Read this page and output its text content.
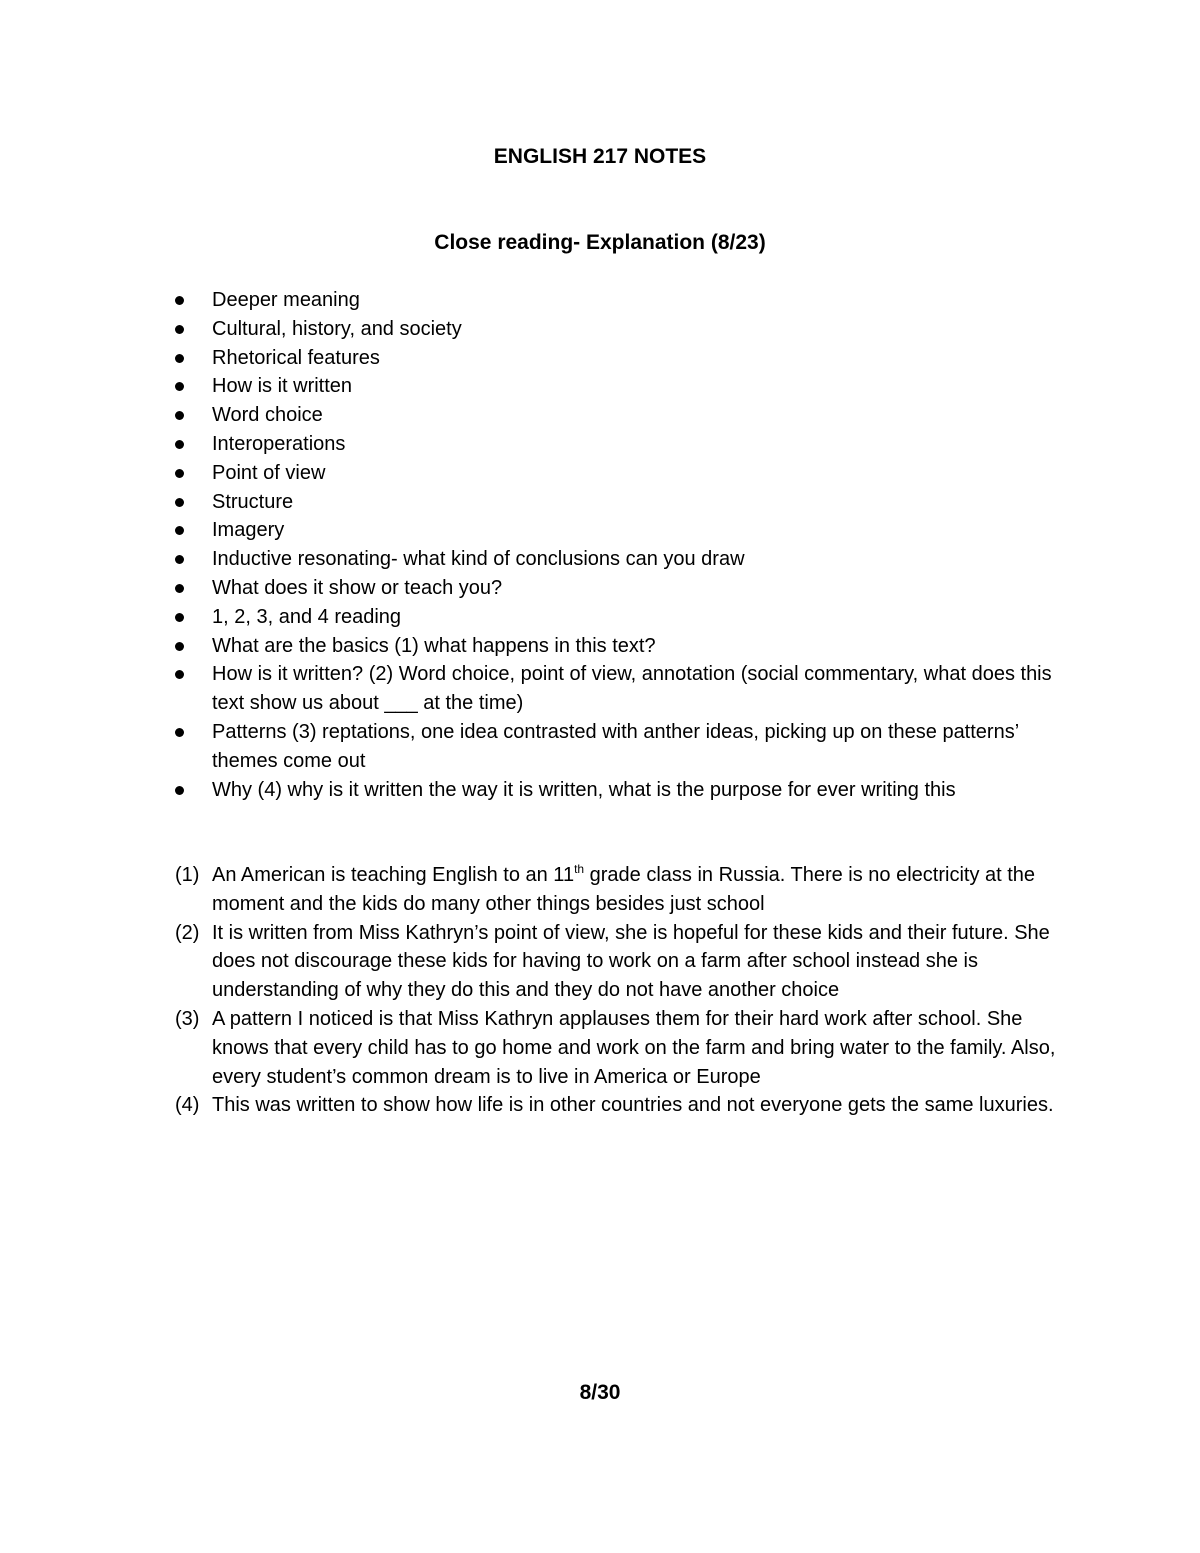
ENGLISH 217 NOTES
Close reading- Explanation (8/23)
Deeper meaning
Cultural, history, and society
Rhetorical features
How is it written
Word choice
Interoperations
Point of view
Structure
Imagery
Inductive resonating- what kind of conclusions can you draw
What does it show or teach you?
1, 2, 3, and 4 reading
What are the basics (1) what happens in this text?
How is it written? (2) Word choice, point of view, annotation (social commentary, what does this text show us about ___ at the time)
Patterns (3) reptations, one idea contrasted with anther ideas, picking up on these patterns’ themes come out
Why (4) why is it written the way it is written, what is the purpose for ever writing this
(1) An American is teaching English to an 11th grade class in Russia. There is no electricity at the moment and the kids do many other things besides just school
(2) It is written from Miss Kathryn’s point of view, she is hopeful for these kids and their future. She does not discourage these kids for having to work on a farm after school instead she is understanding of why they do this and they do not have another choice
(3) A pattern I noticed is that Miss Kathryn applauses them for their hard work after school. She knows that every child has to go home and work on the farm and bring water to the family. Also, every student’s common dream is to live in America or Europe
(4) This was written to show how life is in other countries and not everyone gets the same luxuries.
8/30
